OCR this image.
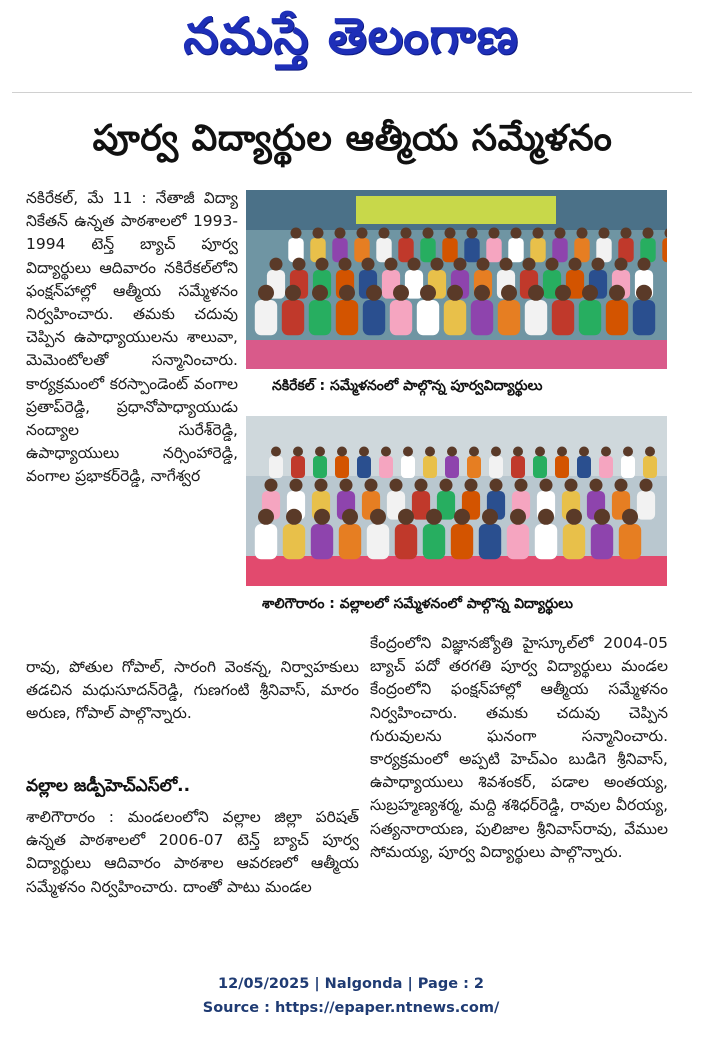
నమస్తే తెలంగాణ
పూర్వ విద్యార్థుల ఆత్మీయ సమ్మేళనం
నకిరేకల్, మే 11 : నేతాజీ విద్యా నికేతన్ ఉన్నత పాఠశాలలో 1993-1994 టెన్త్ బ్యాచ్ పూర్వ విద్యార్థులు ఆదివారం నకిరేకల్‌లోని ఫంక్షన్‌హాల్లో ఆత్మీయ సమ్మేళనం నిర్వహించారు. తమకు చదువు చెప్పిన ఉపాధ్యాయులను శాలువా, మెమెంటోలతో సన్మానించారు. కార్యక్రమంలో కరస్పాండెంట్ వంగాల ప్రతాప్‌రెడ్డి, ప్రధానోపాధ్యాయుడు నంద్యాల సురేశ్‌రెడ్డి, ఉపాధ్యాయులు నర్సింహారెడ్డి, వంగాల ప్రభాకర్‌రెడ్డి, నాగేశ్వర
నకిరేకల్ : సమ్మేళనంలో పాల్గొన్న పూర్వవిద్యార్థులు
శాలిగౌరారం : వల్లాలలో సమ్మేళనంలో పాల్గొన్న విద్యార్థులు
రావు, పోతుల గోపాల్, సారంగి వెంకన్న, నిర్వాహకులు తడచిన మధుసూదన్‌రెడ్డి, గుణగంటి శ్రీనివాస్, మారం అరుణ, గోపాల్ పాల్గొన్నారు.
వల్లాల జడ్పీహెచ్‌ఎస్‌లో..
శాలిగౌరారం : మండలంలోని వల్లాల జిల్లా పరిషత్ ఉన్నత పాఠశాలలో 2006-07 టెన్త్ బ్యాచ్ పూర్వ విద్యార్థులు ఆదివారం పాఠశాల ఆవరణలో ఆత్మీయ సమ్మేళనం నిర్వహించారు. దాంతో పాటు మండల
కేంద్రంలోని విజ్ఞానజ్యోతి హైస్కూల్‌లో 2004-05 బ్యాచ్ పదో తరగతి పూర్వ విద్యార్థులు మండల కేంద్రంలోని ఫంక్షన్‌హాల్లో ఆత్మీయ సమ్మేళనం నిర్వహించారు. తమకు చదువు చెప్పిన గురువులను ఘనంగా సన్మానించారు. కార్యక్రమంలో అప్పటి హెచ్‌ఎం బుడిగె శ్రీనివాస్, ఉపాధ్యాయులు శివశంకర్, పడాల అంతయ్య, సుబ్రహ్మణ్యశర్మ, మద్ది శశిధర్‌రెడ్డి, రావుల వీరయ్య, సత్యనారాయణ, పులిజాల శ్రీనివాస్‌రావు, వేముల సోమయ్య, పూర్వ విద్యార్థులు పాల్గొన్నారు.
12/05/2025 | Nalgonda | Page : 2
Source : https://epaper.ntnews.com/
